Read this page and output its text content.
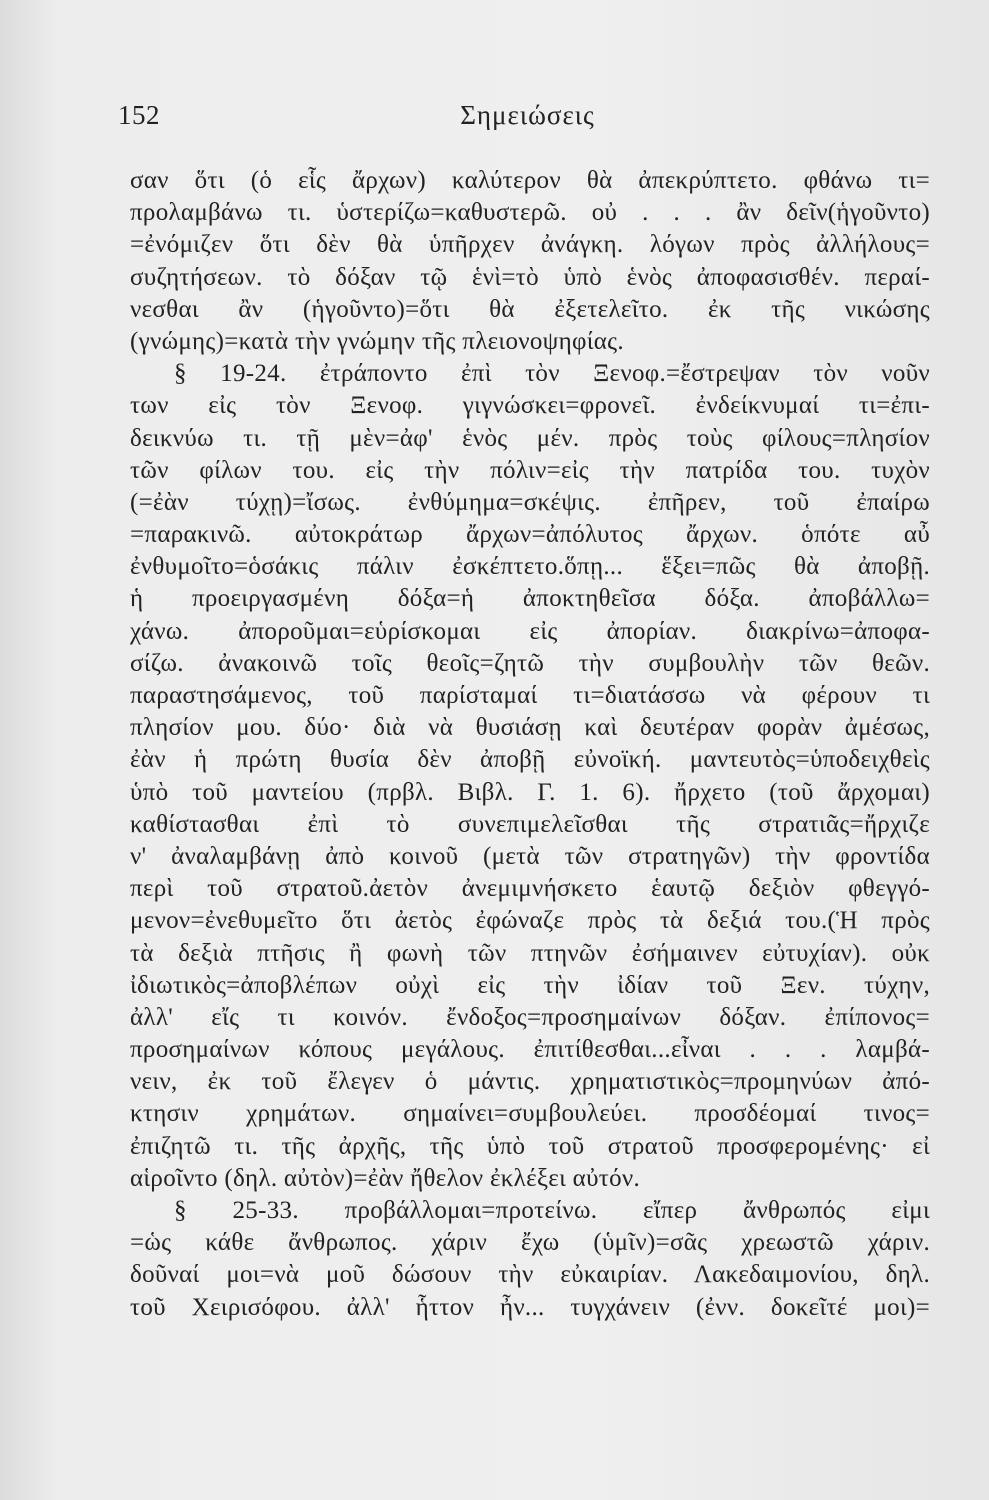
152	Σημειώσεις
σαν ὅτι (ὁ εἷς ἄρχων) καλύτερον θὰ ἀπεκρύπτετο. φθάνω τι=
προλαμβάνω τι. ὑστερίζω=καθυστερῶ. οὐ . . . ἂν δεῖν(ἡγοῦντο)
=ἐνόμιζεν ὅτι δὲν θὰ ὑπῆρχεν ἀνάγκη. λόγων πρὸς ἀλλήλους=
συζητήσεων. τὸ δόξαν τῷ ἑνὶ=τὸ ὑπὸ ἑνὸς ἀποφασισθέν. περαί-
νεσθαι ἂν (ἡγοῦντο)=ὅτι θὰ ἐξετελεῖτο. ἐκ τῆς νικώσης
(γνώμης)=κατὰ τὴν γνώμην τῆς πλειονοψηφίας.
§ 19-24. ἐτράποντο ἐπὶ τὸν Ξενοφ.=ἔστρεψαν τὸν νοῦν
των εἰς τὸν Ξενοφ. γιγνώσκει=φρονεῖ. ἐνδείκνυμαί τι=ἐπι-
δεικνύω τι. τῇ μὲν=ἀφ' ἑνὸς μέν. πρὸς τοὺς φίλους=πλησίον
τῶν φίλων του. εἰς τὴν πόλιν=εἰς τὴν πατρίδα του. τυχὸν
(=ἐὰν τύχῃ)=ἴσως. ἐνθύμημα=σκέψις. ἐπῆρεν, τοῦ ἐπαίρω
=παρακινῶ. αὐτοκράτωρ ἄρχων=ἀπόλυτος ἄρχων. ὁπότε αὖ
ἐνθυμοῖτο=ὁσάκις πάλιν ἐσκέπτετο.ὅπῃ... ἕξει=πῶς θὰ ἀποβῇ.
ἡ προειργασμένη δόξα=ἡ ἀποκτηθεῖσα δόξα. ἀποβάλλω=
χάνω. ἀπορoῦμαι=εὑρίσκομαι εἰς ἀπορίαν. διακρίνω=ἀποφα-
σίζω. ἀνακοινῶ τοῖς θεοῖς=ζητῶ τὴν συμβουλὴν τῶν θεῶν.
παραστησάμενος, τοῦ παρίσταμαί τι=διατάσσω νὰ φέρουν τι
πλησίον μου. δύο· διὰ νὰ θυσιάσῃ καὶ δευτέραν φορὰν ἀμέσως,
ἐὰν ἡ πρώτη θυσία δὲν ἀποβῇ εὐνοϊκή. μαντευτὸς=ὑποδειχθεὶς
ὑπὸ τοῦ μαντείου (πρβλ. Βιβλ. Γ. 1. 6). ἤρχετο (τοῦ ἄρχομαι)
καθίστασθαι ἐπὶ τὸ συνεπιμελεῖσθαι τῆς στρατιᾶς=ἤρχιζε
ν' ἀναλαμβάνῃ ἀπὸ κοινοῦ (μετὰ τῶν στρατηγῶν) τὴν φροντίδα
περὶ τοῦ στρατοῦ.ἀετὸν ἀνεμιμνήσκετο ἑαυτῷ δεξιὸν φθεγγό-
μενον=ἐνεθυμεῖτο ὅτι ἀετὸς ἐφώναζε πρὸς τὰ δεξιά του.(Ἡ πρὸς
τὰ δεξιὰ πτῆσις ἢ φωνὴ τῶν πτηνῶν ἐσήμαινεν εὐτυχίαν). οὐκ
ἰδιωτικὸς=ἀποβλέπων οὐχὶ εἰς τὴν ἰδίαν τοῦ Ξεν. τύχην,
ἀλλ' εἴς τι κοινόν. ἔνδοξος=προσημαίνων δόξαν. ἐπίπονος=
προσημαίνων κόπους μεγάλους. ἐπιτίθεσθαι...εἶναι . . . λαμβά-
νειν, ἐκ τοῦ ἔλεγεν ὁ μάντις. χρηματιστικὸς=προμηνύων ἀπό-
κτησιν χρημάτων. σημαίνει=συμβουλεύει. προσδέομαί τινος=
ἐπιζητῶ τι. τῆς ἀρχῆς, τῆς ὑπὸ τοῦ στρατοῦ προσφερομένης· εἰ
αἱροῖντο (δηλ. αὐτὸν)=ἐὰν ἤθελον ἐκλέξει αὐτόν.
§ 25-33. προβάλλομαι=προτείνω. εἴπερ ἄνθρωπός εἰμι
=ὡς κάθε ἄνθρωπος. χάριν ἔχω (ὑμῖν)=σᾶς χρεωστῶ χάριν.
δοῦναί μοι=νὰ μοῦ δώσουν τὴν εὐκαιρίαν. Λακεδαιμονίου, δηλ.
τοῦ Χειρισόφου. ἀλλ' ἧττον ἦν... τυγχάνειν (ἐνν. δοκεῖτέ μοι)=
